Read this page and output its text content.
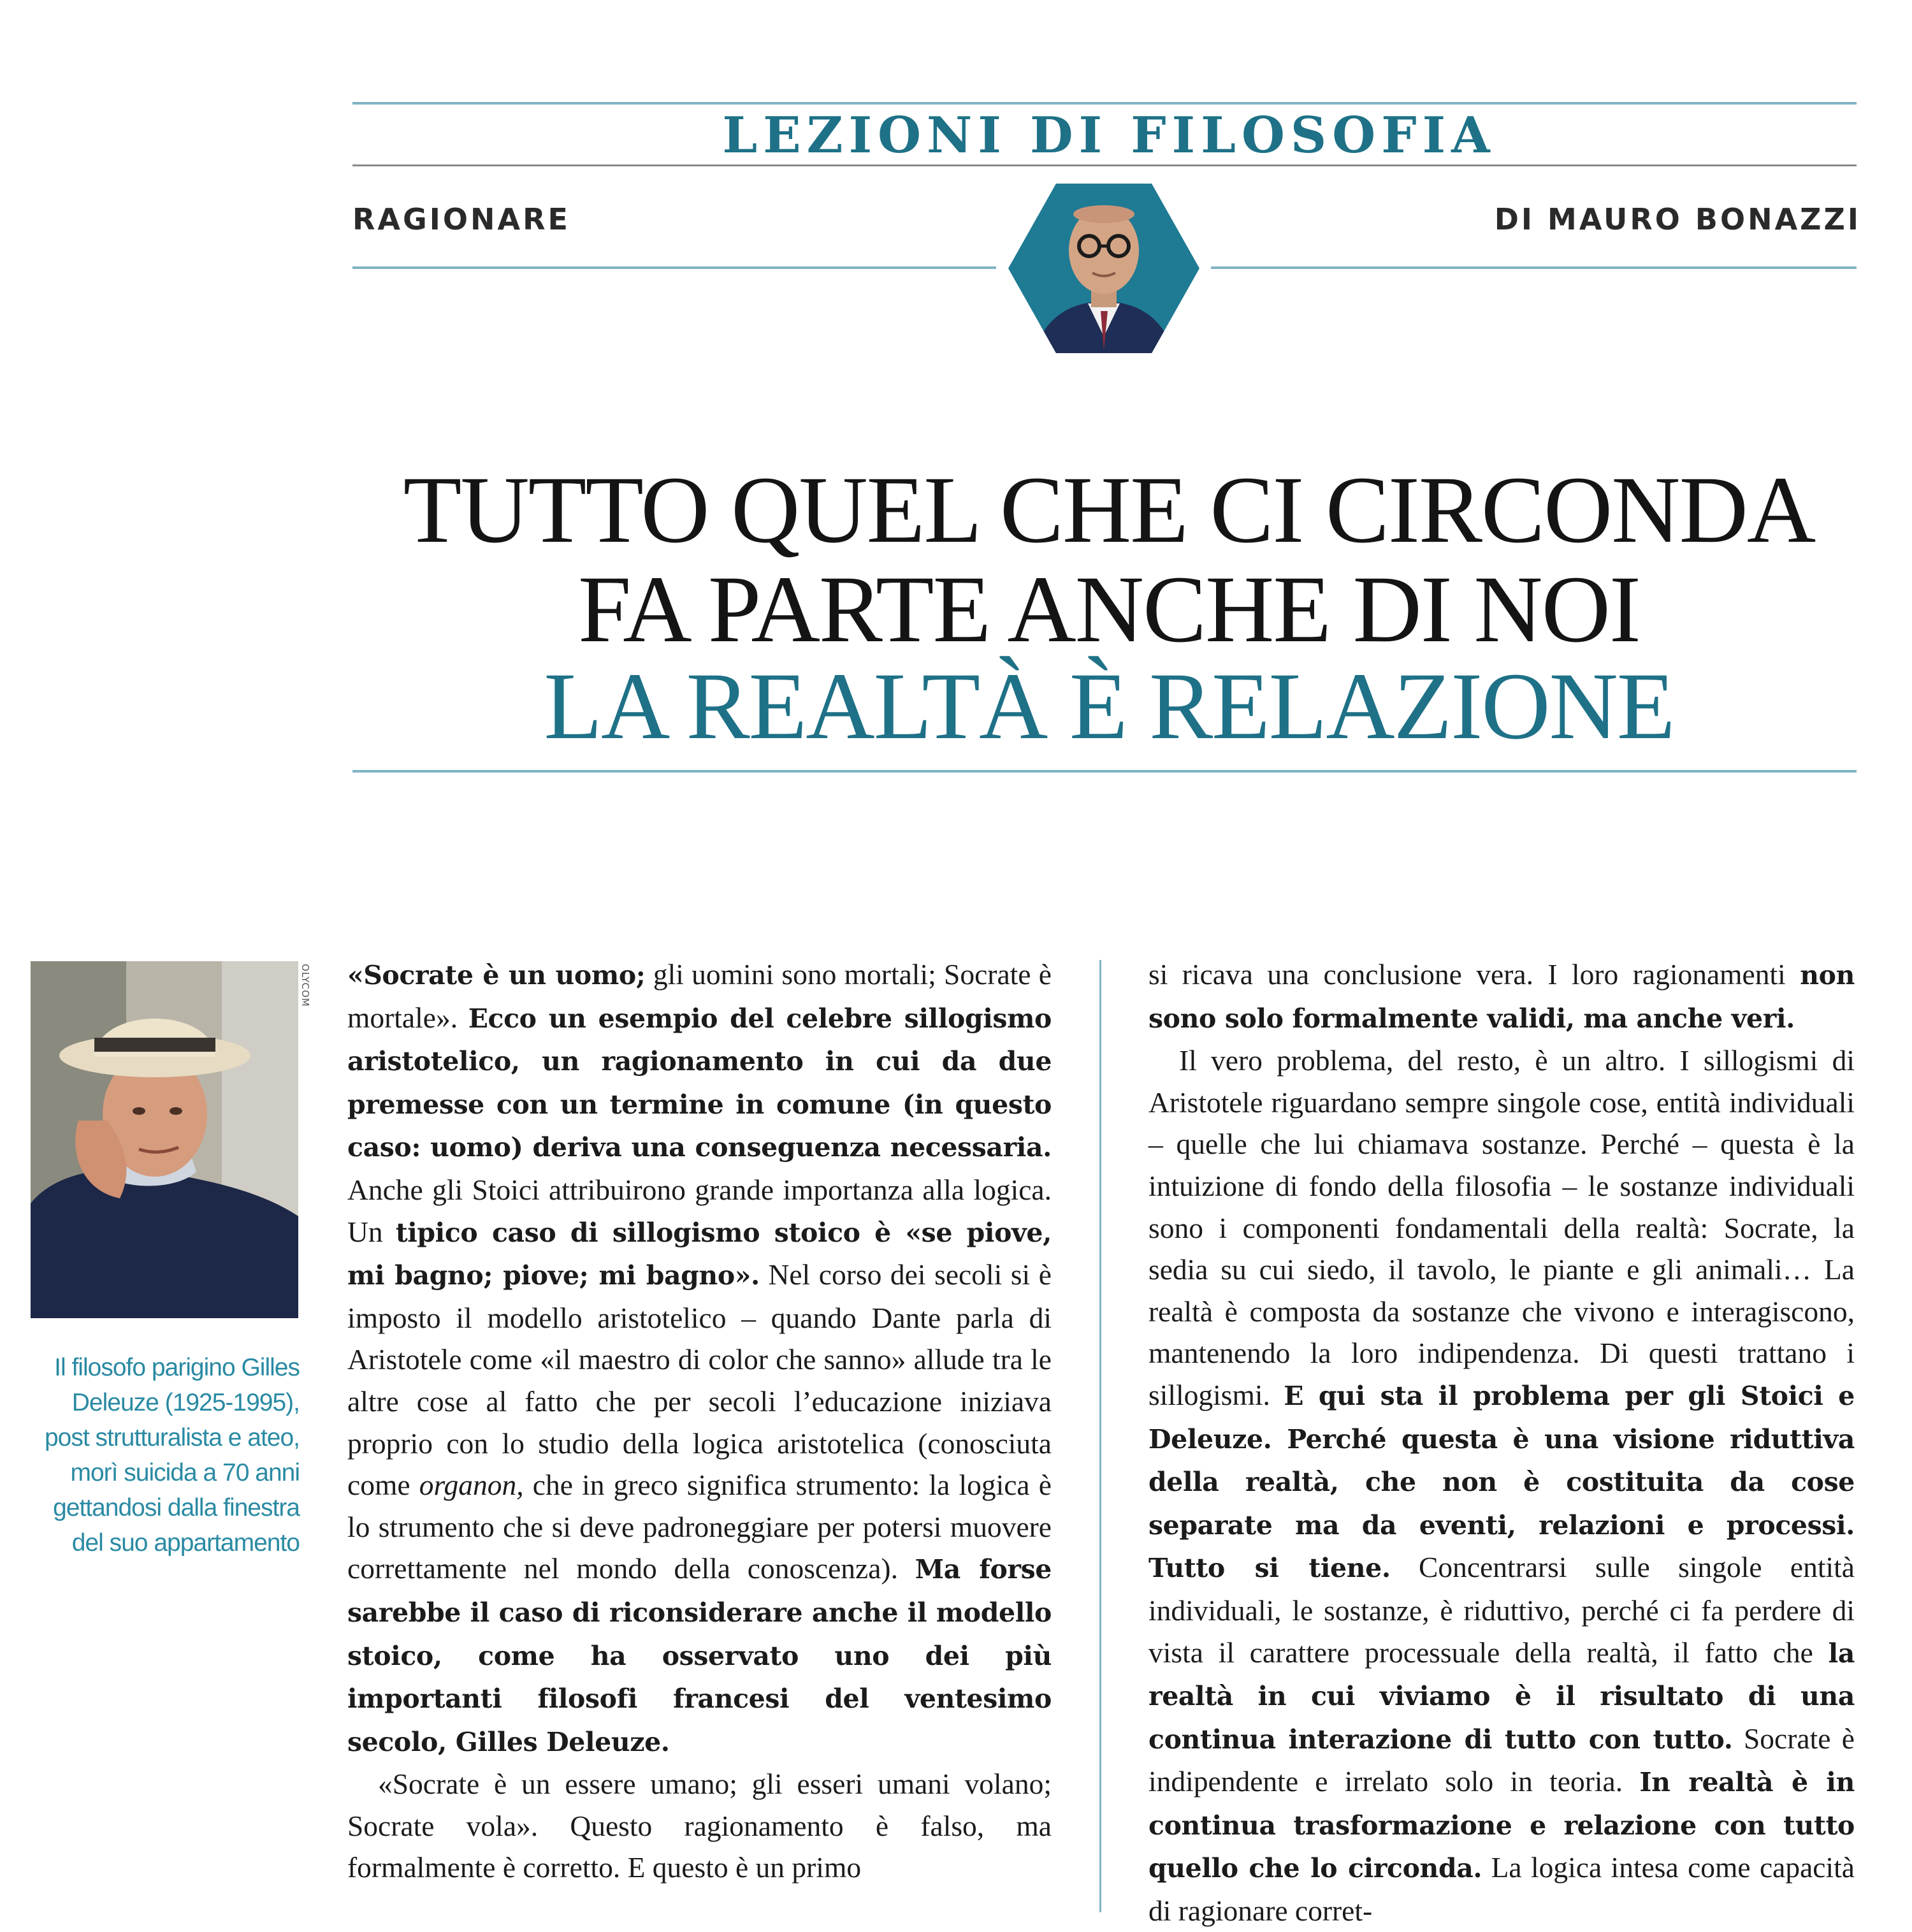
LEZIONI DI FILOSOFIA
RAGIONARE	DI MAURO BONAZZI
TUTTO QUEL CHE CI CIRCONDA
FA PARTE ANCHE DI NOI
LA REALTÀ È RELAZIONE
OLYCOM
Il filosofo parigino Gilles Deleuze (1925-1995), post strutturalista e ateo, morì suicida a 70 anni gettandosi dalla finestra del suo appartamento

«Socrate è un uomo; gli uomini sono mortali; Socrate è mortale». Ecco un esempio del celebre sillogismo aristotelico, un ragionamento in cui da due premesse con un termine in comune (in questo caso: uomo) deriva una conseguenza necessaria. Anche gli Stoici attribuirono grande importanza alla logica. Un tipico caso di sillogismo stoico è «se piove, mi bagno; piove; mi bagno». Nel corso dei secoli si è imposto il modello aristotelico – quando Dante parla di Aristotele come «il maestro di color che sanno» allude tra le altre cose al fatto che per secoli l’educazione iniziava proprio con lo studio della logica aristotelica (conosciuta come organon, che in greco significa strumento: la logica è lo strumento che si deve padroneggiare per potersi muovere correttamente nel mondo della conoscenza). Ma forse sarebbe il caso di riconsiderare anche il modello stoico, come ha osservato uno dei più importanti filosofi francesi del ventesimo secolo, Gilles Deleuze.

«Socrate è un essere umano; gli esseri umani volano; Socrate vola». Questo ragionamento è falso, ma formalmente è corretto. E questo è un primo

si ricava una conclusione vera. I loro ragionamenti non sono solo formalmente validi, ma anche veri.

Il vero problema, del resto, è un altro. I sillogismi di Aristotele riguardano sempre singole cose, entità individuali – quelle che lui chiamava sostanze. Perché – questa è la intuizione di fondo della filosofia – le sostanze individuali sono i componenti fondamentali della realtà: Socrate, la sedia su cui siedo, il tavolo, le piante e gli animali… La realtà è composta da sostanze che vivono e interagiscono, mantenendo la loro indipendenza. Di questi trattano i sillogismi. E qui sta il problema per gli Stoici e Deleuze. Perché questa è una visione riduttiva della realtà, che non è costituita da cose separate ma da eventi, relazioni e processi. Tutto si tiene. Concentrarsi sulle singole entità individuali, le sostanze, è riduttivo, perché ci fa perdere di vista il carattere processuale della realtà, il fatto che la realtà in cui viviamo è il risultato di una continua interazione di tutto con tutto. Socrate è indipendente e irrelato solo in teoria. In realtà è in continua trasformazione e relazione con tutto quello che lo circonda. La logica intesa come capacità di ragionare corret-
